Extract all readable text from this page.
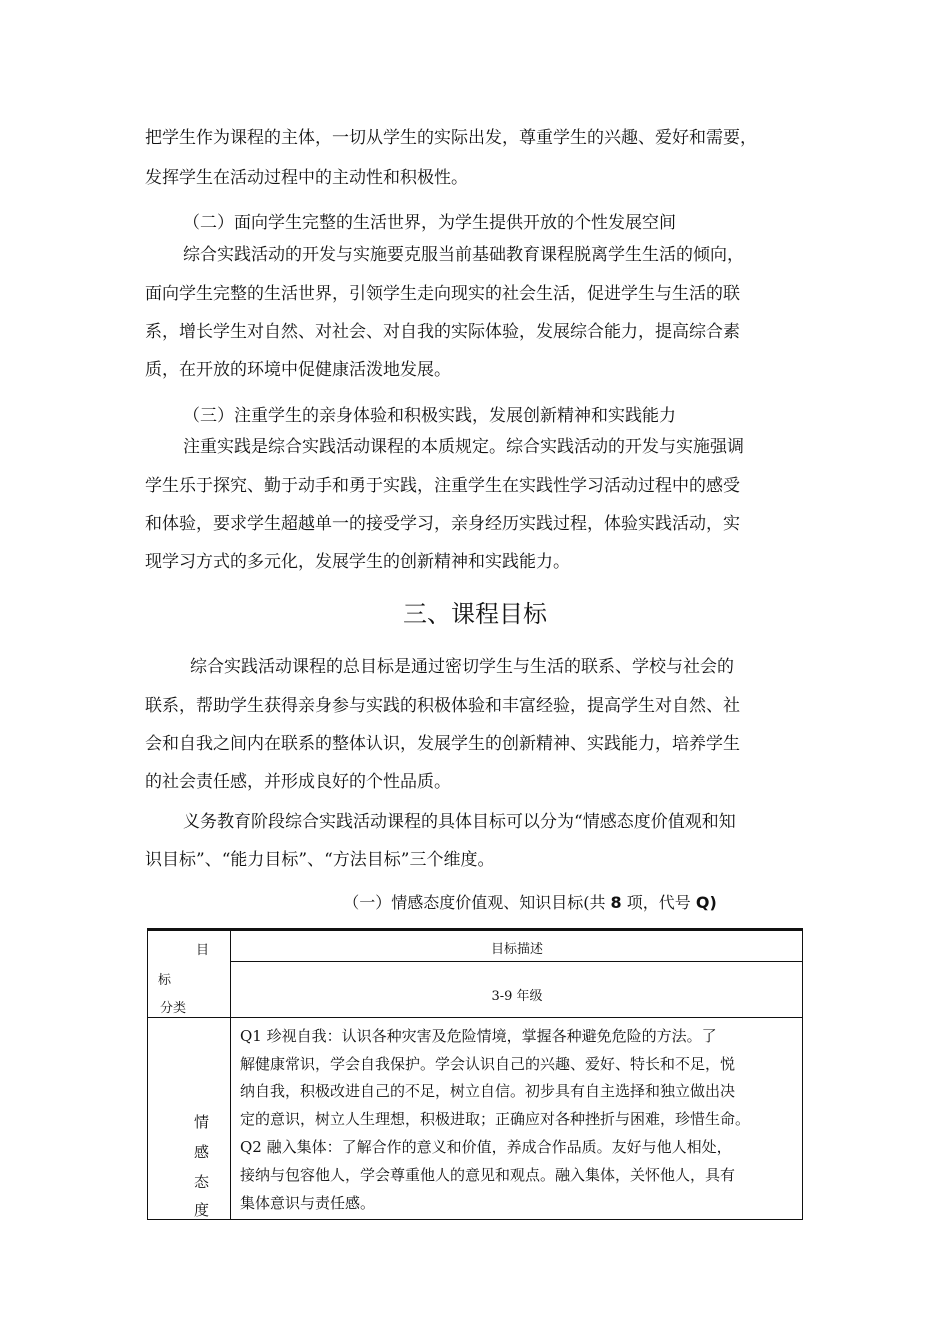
把学生作为课程的主体，一切从学生的实际出发，尊重学生的兴趣、爱好和需要，
发挥学生在活动过程中的主动性和积极性。
（二）面向学生完整的生活世界，为学生提供开放的个性发展空间
综合实践活动的开发与实施要克服当前基础教育课程脱离学生生活的倾向，
面向学生完整的生活世界，引领学生走向现实的社会生活，促进学生与生活的联
系，增长学生对自然、对社会、对自我的实际体验，发展综合能力，提高综合素
质，在开放的环境中促健康活泼地发展。
（三）注重学生的亲身体验和积极实践，发展创新精神和实践能力
注重实践是综合实践活动课程的本质规定。综合实践活动的开发与实施强调
学生乐于探究、勤于动手和勇于实践，注重学生在实践性学习活动过程中的感受
和体验，要求学生超越单一的接受学习，亲身经历实践过程，体验实践活动，实
现学习方式的多元化，发展学生的创新精神和实践能力。
三、课程目标
综合实践活动课程的总目标是通过密切学生与生活的联系、学校与社会的
联系，帮助学生获得亲身参与实践的积极体验和丰富经验，提高学生对自然、社
会和自我之间内在联系的整体认识，发展学生的创新精神、实践能力，培养学生
的社会责任感，并形成良好的个性品质。
义务教育阶段综合实践活动课程的具体目标可以分为“情感态度价值观和知
识目标”、“能力目标”、“方法目标”三个维度。
（一）情感态度价值观、知识目标(共 8 项，代号 Q)
目
标
分类
目标描述
3-9 年级
情
感
态
度
Q1 珍视自我：认识各种灾害及危险情境，掌握各种避免危险的方法。了
解健康常识，学会自我保护。学会认识自己的兴趣、爱好、特长和不足，悦
纳自我，积极改进自己的不足，树立自信。初步具有自主选择和独立做出决
定的意识，树立人生理想，积极进取；正确应对各种挫折与困难，珍惜生命。
Q2 融入集体：了解合作的意义和价值，养成合作品质。友好与他人相处，
接纳与包容他人，学会尊重他人的意见和观点。融入集体，关怀他人，具有
集体意识与责任感。
